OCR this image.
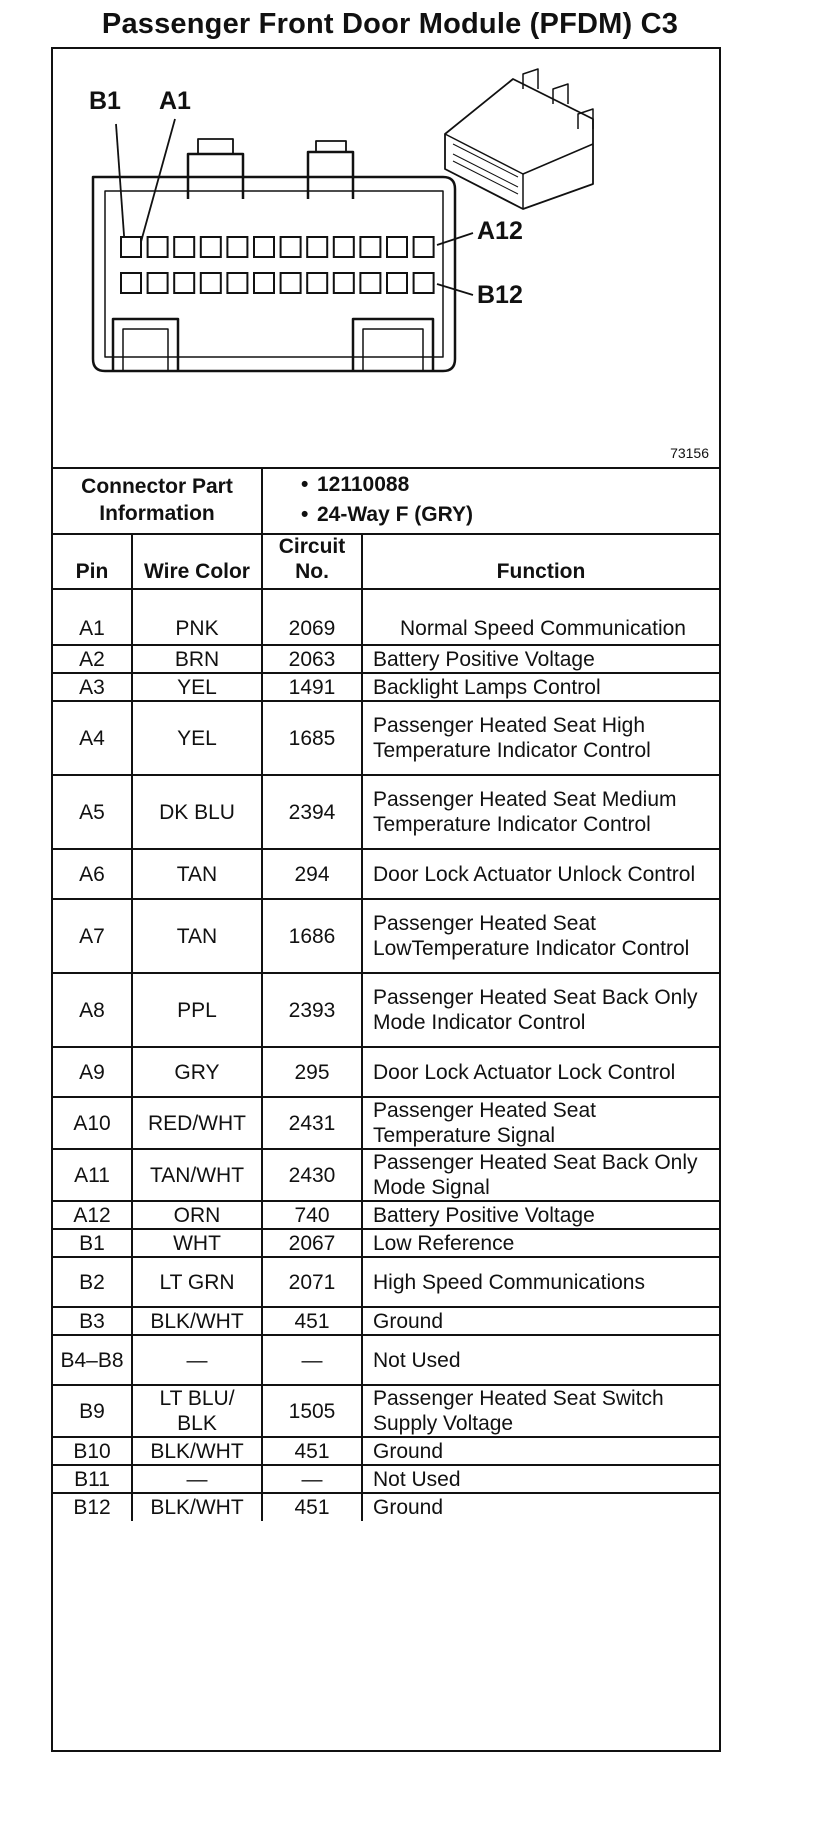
Passenger Front Door Module (PFDM) C3
B1 A1
A12
B12
73156
Connector Part Information	
• 12110088
• 24-Way F (GRY)
Pin	Wire Color	Circuit No.	Function
A1	PNK	2069	Normal Speed Communication
A2	BRN	2063	Battery Positive Voltage
A3	YEL	1491	Backlight Lamps Control
A4	YEL	1685	Passenger Heated Seat High Temperature Indicator Control
A5	DK BLU	2394	Passenger Heated Seat Medium Temperature Indicator Control
A6	TAN	294	Door Lock Actuator Unlock Control
A7	TAN	1686	Passenger Heated Seat LowTemperature Indicator Control
A8	PPL	2393	Passenger Heated Seat Back Only Mode Indicator Control
A9	GRY	295	Door Lock Actuator Lock Control
A10	RED/WHT	2431	Passenger Heated Seat Temperature Signal
A11	TAN/WHT	2430	Passenger Heated Seat Back Only Mode Signal
A12	ORN	740	Battery Positive Voltage
B1	WHT	2067	Low Reference
B2	LT GRN	2071	High Speed Communications
B3	BLK/WHT	451	Ground
B4–B8	—	—	Not Used
B9	LT BLU/ BLK	1505	Passenger Heated Seat Switch Supply Voltage
B10	BLK/WHT	451	Ground
B11	—	—	Not Used
B12	BLK/WHT	451	Ground
